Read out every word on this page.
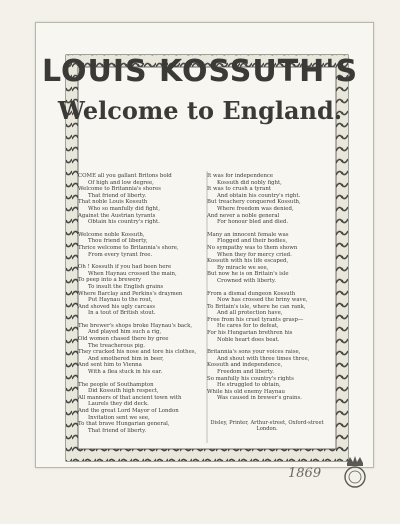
LOUIS KOSSUTH'S
Welcome to England.

COME all you gallant Britons bold

Of high and low degree,

Welcome to Britannia's shores

That friend of liberty.

That noble Louis Kossuth

Who so manfully did fight,

Against the Austrian tyrants

Obtain his country's right.

Welcome noble Kossuth,

Thou friend of liberty,

Thrice welcome to Britannia's shore,

From every tyrant free.

Oh ! Kossuth if you had been here

When Haynau crossed the main,

To peep into a brewery

To insult the English grains

Where Barclay and Perkins's draymen

Put Haynau to the rout,

And shoved his ugly carcass

In a tout of British stout.

The brewer's shops broke Haynau's back,

And played him such a rig,

Old women chased there by gree

The treacherous pig.

They cracked his nose and tore his clothes,

And smothered him in beer,

And sent him to Vienna

With a flea stuck in his ear.

The people of Southampton

Did Kossuth high respect,

All manners of that ancient town with

Laurels they did deck.

And the great Lord Mayor of London

Invitation sent we see,

To that brave Hungarian general,

That friend of liberty.

It was for independence

Kossuth did nobly fight,

It was to crush a tyrant

And obtain his country's right.

But treachery conquered Kossuth,

Where freedom was denied,

And never a noble general

For honour bled and died.

Many an innocent female was

Flogged and their bodies,

No sympathy was to them shown

When they for mercy cried.

Kossuth with his life escaped,

By miracle we see,

But now he is on Britain's isle

Crowned with liberty.

From a dismal dungeon Kossuth

Now has crossed the briny wave,

To Britain's isle, where he can rank,

And all protection have,

Free from his cruel tyrants grasp—

He cares for to defeat,

For his Hungarian brethren his

Noble heart does beat.

Britannia's sons your voices raise,

And shout with three times three,

Kossuth and independence,

Freedom and liberty.

So manfully his country's rights

He struggled to obtain,

While his old enemy Haynau

Was caused in brewer's grains.

Disley, Printer, Arthur-street, Oxford-street London.
1869
